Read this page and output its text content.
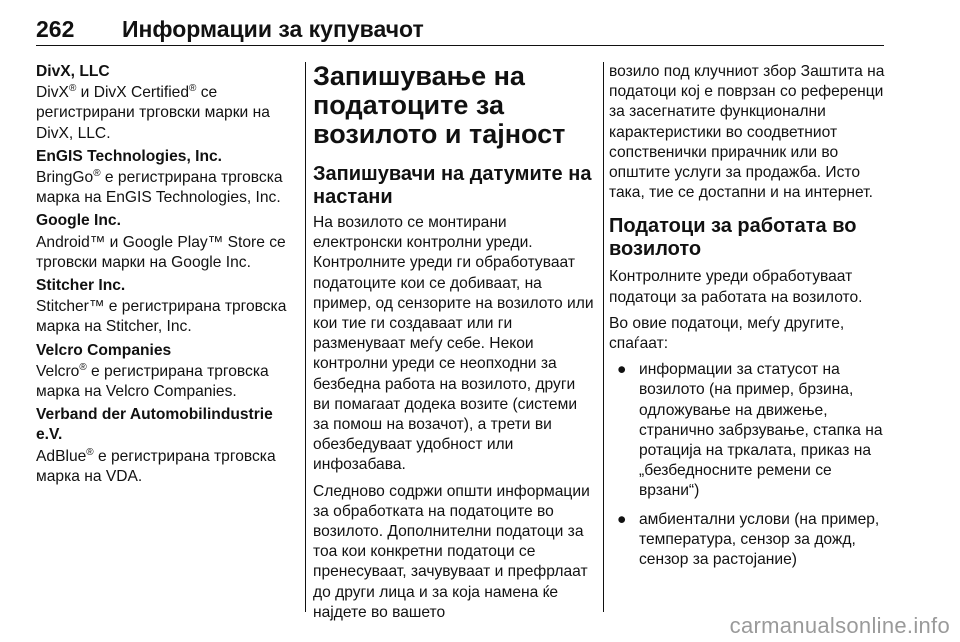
262 Информации за купувачот
DivX, LLC
DivX® и DivX Certified® се регистрирани трговски марки на DivX, LLC.
EnGIS Technologies, Inc.
BringGo® е регистрирана трговска марка на EnGIS Technologies, Inc.
Google Inc.
Android™ и Google Play™ Store се трговски марки на Google Inc.
Stitcher Inc.
Stitcher™ е регистрирана трговска марка на Stitcher, Inc.
Velcro Companies
Velcro® е регистрирана трговска марка на Velcro Companies.
Verband der Automobilindustrie e.V.
AdBlue® е регистрирана трговска марка на VDA.
Запишување на податоците за возилото и тајност
Запишувачи на датумите на настани
На возилото се монтирани електронски контролни уреди. Контролните уреди ги обработуваат податоците кои се добиваат, на пример, од сензорите на возилото или кои тие ги создаваат или ги разменуваат меѓу себе. Некои контролни уреди се неопходни за безбедна работа на возилото, други ви помагаат додека возите (системи за помош на возачот), а трети ви обезбедуваат удобност или инфозабава.
Следново содржи општи информации за обработката на податоците во возилото. Дополнителни податоци за тоа кои конкретни податоци се пренесуваат, зачувуваат и префрлаат до други лица и за која намена ќе најдете во вашето
возило под клучниот збор Заштита на податоци кој е поврзан со референци за засегнатите функционални карактеристики во соодветниот сопственички прирачник или во општите услуги за продажба. Исто така, тие се достапни и на интернет.
Податоци за работата во возилото
Контролните уреди обработуваат податоци за работата на возилото.
Во овие податоци, меѓу другите, спаѓаат:
● информации за статусот на возилото (на пример, брзина, одложување на движење, странично забрзување, стапка на ротација на тркалата, приказ на „безбедносните ремени се врзани“)
● амбиентални услови (на пример, температура, сензор за дожд, сензор за растојание)
carmanualsonline.info
